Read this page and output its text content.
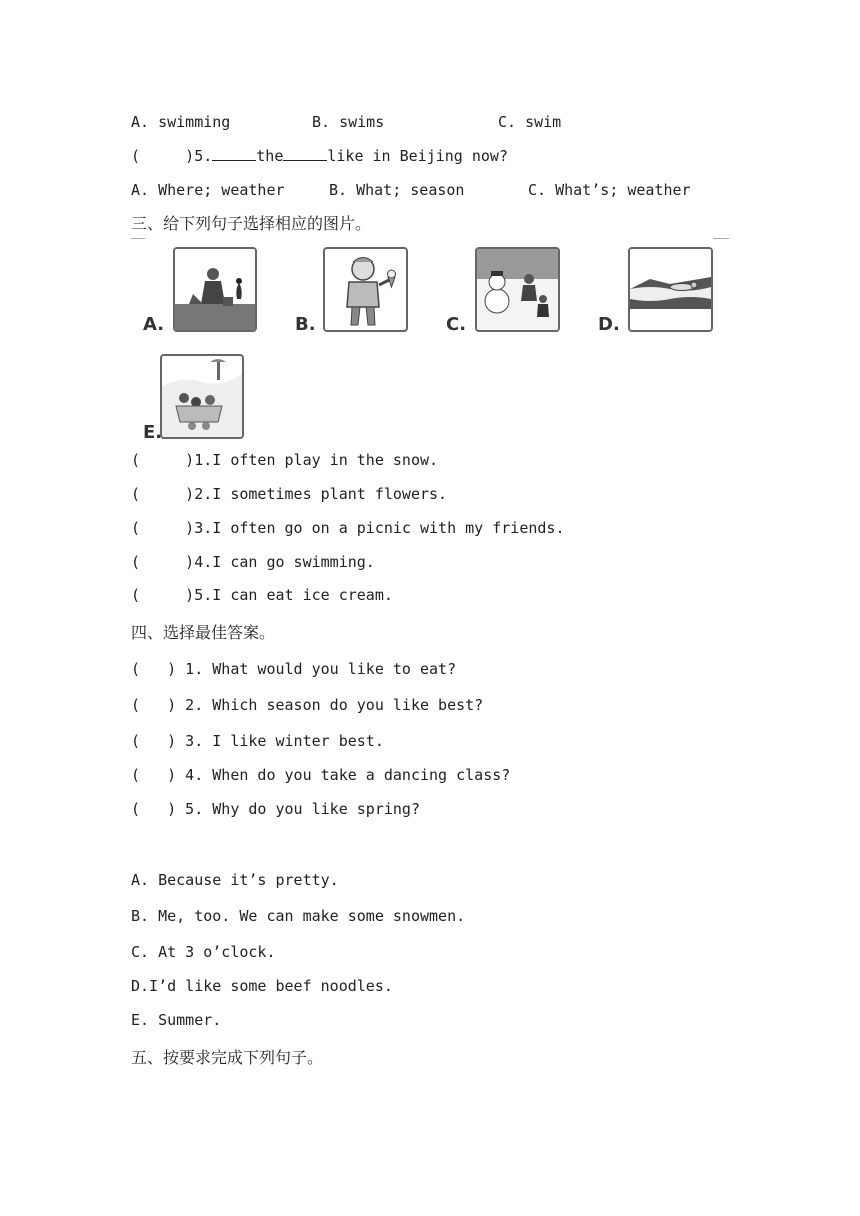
A. swimming	B. swims	C. swim
(     )5.	the	like in Beijing now?
A. Where; weather	B. What; season	C. What’s; weather
三、给下列句子选择相应的图片。
A.	B.	C.	D.
E.
(     )1.I often play in the snow.
(     )2.I sometimes plant flowers.
(     )3.I often go on a picnic with my friends.
(     )4.I can go swimming.
(     )5.I can eat ice cream.
四、选择最佳答案。
(   ) 1. What would you like to eat?
(   ) 2. Which season do you like best?
(   ) 3. I like winter best.
(   ) 4. When do you take a dancing class?
(   ) 5. Why do you like spring?
A. Because it’s pretty.
B. Me, too. We can make some snowmen.
C. At 3 o’clock.
D.I’d like some beef noodles.
E. Summer.
五、按要求完成下列句子。
